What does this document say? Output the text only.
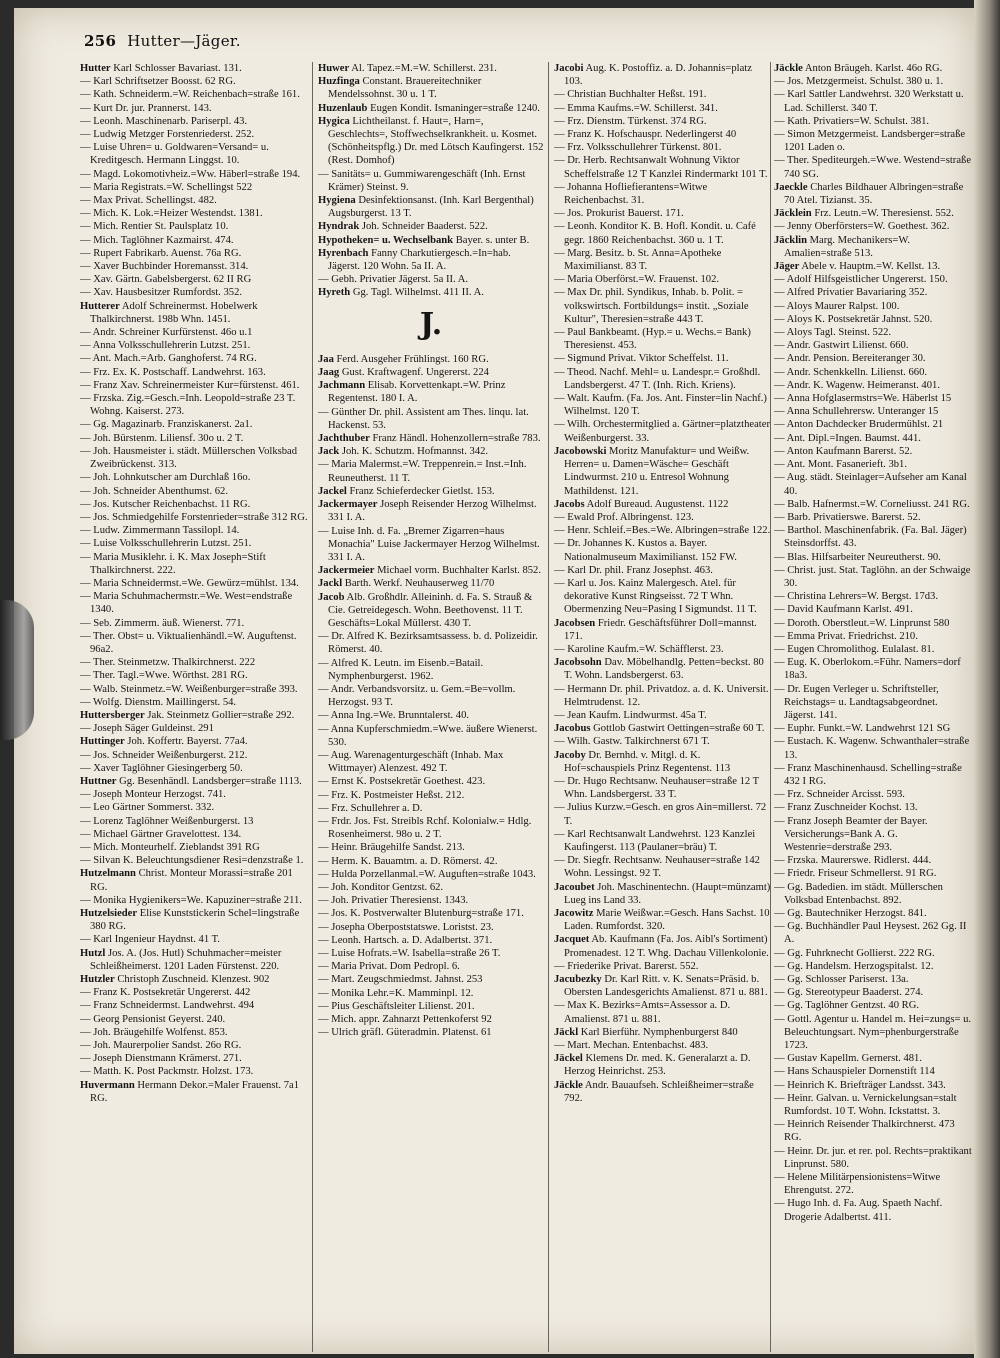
256 Hutter—Jäger.

Hutter Karl Schlosser Bavariast. 131.

— Karl Schriftsetzer Boosst. 62 RG.

— Kath. Schneiderm.=W. Reichenbach=straße 161.

— Kurt Dr. jur. Prannerst. 143.

— Leonh. Maschinenarb. Pariserpl. 43.

— Ludwig Metzger Forstenriederst. 252.

— Luise Uhren= u. Goldwaren=Versand= u. Kreditgesch. Hermann Linggst. 10.

— Magd. Lokomotivheiz.=Ww. Häberl=straße 194.

— Maria Registrats.=W. Schellingst 522

— Max Privat. Schellingst. 482.

— Mich. K. Lok.=Heizer Westendst. 1381.

— Mich. Rentier St. Paulsplatz 10.

— Mich. Taglöhner Kazmairst. 474.

— Rupert Fabrikarb. Auenst. 76a RG.

— Xaver Buchbinder Horemansst. 314.

— Xav. Gärtn. Gabelsbergerst. 62 II RG

— Xav. Hausbesitzer Rumfordst. 352.

Hutterer Adolf Schreinermst. Hobelwerk Thalkirchnerst. 198b Whn. 1451.

— Andr. Schreiner Kurfürstenst. 46o u.1

— Anna Volksschullehrerin Lutzst. 251.

— Ant. Mach.=Arb. Ganghoferst. 74 RG.

— Frz. Ex. K. Postschaff. Landwehrst. 163.

— Franz Xav. Schreinermeister Kur=fürstenst. 461.

— Frzska. Zig.=Gesch.=Inh. Leopold=straße 23 T. Wohng. Kaiserst. 273.

— Gg. Magazinarb. Franziskanerst. 2a1.

— Joh. Bürstenm. Liliensf. 30o u. 2 T.

— Joh. Hausmeister i. städt. Müllerschen Volksbad Zweibrückenst. 313.

— Joh. Lohnkutscher am Durchlaß 16o.

— Joh. Schneider Abenthumst. 62.

— Jos. Kutscher Reichenbachst. 11 RG.

— Jos. Schmiedgehilfe Forstenrieder=straße 312 RG.

— Ludw. Zimmermann Tassilopl. 14.

— Luise Volksschullehrerin Lutzst. 251.

— Maria Musiklehr. i. K. Max Joseph=Stift Thalkirchnerst. 222.

— Maria Schneidermst.=We. Gewürz=mühlst. 134.

— Maria Schuhmachermstr.=We. West=endstraße 1340.

— Seb. Zimmerm. äuß. Wienerst. 771.

— Ther. Obst= u. Viktualienhändl.=W. Auguftenst. 96a2.

— Ther. Steinmetzw. Thalkirchnerst. 222

— Ther. Tagl.=Wwe. Wörthst. 281 RG.

— Walb. Steinmetz.=W. Weißenburger=straße 393.

— Wolfg. Dienstm. Maillingerst. 54.

Huttersberger Jak. Steinmetz Gollier=straße 292.

— Joseph Säger Guldeinst. 291

Huttinger Joh. Koffertr. Bayerst. 77a4.

— Jos. Schneider Weißenburgerst. 212.

— Xaver Taglöhner Giesingerberg 50.

Huttner Gg. Besenhändl. Landsberger=straße 1113.

— Joseph Monteur Herzogst. 741.

— Leo Gärtner Sommerst. 332.

— Lorenz Taglöhner Weißenburgerst. 13

— Michael Gärtner Gravelottest. 134.

— Mich. Monteurhelf. Zieblandst 391 RG

— Silvan K. Beleuchtungsdiener Resi=denzstraße 1.

Hutzelmann Christ. Monteur Morassi=straße 201 RG.

— Monika Hygienikers=We. Kapuziner=straße 211.

Hutzelsieder Elise Kunststickerin Schel=lingstraße 380 RG.

— Karl Ingenieur Haydnst. 41 T.

Hutzl Jos. A. (Jos. Hutl) Schuhmacher=meister Schleißheimerst. 1201 Laden Fürstenst. 220.

Hutzler Christoph Zuschneid. Klenzest. 902

— Franz K. Postsekretär Ungererst. 442

— Franz Schneidermst. Landwehrst. 494

— Georg Pensionist Geyerst. 240.

— Joh. Bräugehilfe Wolfenst. 853.

— Joh. Maurerpolier Sandst. 26o RG.

— Joseph Dienstmann Krämerst. 271.

— Matth. K. Post Packmstr. Holzst. 173.

Huvermann Hermann Dekor.=Maler Frauenst. 7a1 RG.

Huwer Al. Tapez.=M.=W. Schillerst. 231.

Huzfinga Constant. Brauereitechniker Mendelssohnst. 30 u. 1 T.

Huzenlaub Eugen Kondit. Ismaninger=straße 1240.

Hygica Lichtheilanst. f. Haut=, Harn=, Geschlechts=, Stoffwechselkrankheit. u. Kosmet. (Schönheitspflg.) Dr. med Lötsch Kaufingerst. 152 (Rest. Domhof)

— Sanitäts= u. Gummiwarengeschäft (Inh. Ernst Krämer) Steinst. 9.

Hygiena Desinfektionsanst. (Inh. Karl Bergenthal) Augsburgerst. 13 T.

Hyndrak Joh. Schneider Baaderst. 522.

Hypotheken= u. Wechselbank Bayer. s. unter B.

Hyrenbach Fanny Charkutiergesch.=In=hab. Jägerst. 120 Wohn. 5a II. A.

— Gebh. Privatier Jägerst. 5a II. A.

Hyreth Gg. Tagl. Wilhelmst. 411 II. A.

J.

Jaa Ferd. Ausgeher Frühlingst. 160 RG.

Jaag Gust. Kraftwagenf. Ungererst. 224

Jachmann Elisab. Korvettenkapt.=W. Prinz Regentenst. 180 I. A.

— Günther Dr. phil. Assistent am Thes. linqu. lat. Hackenst. 53.

Jachthuber Franz Händl. Hohenzollern=straße 783.

Jack Joh. K. Schutzm. Hofmannst. 342.

— Maria Malermst.=W. Treppenrein.= Inst.=Inh. Reuneutherst. 11 T.

Jackel Franz Schieferdecker Gietlst. 153.

Jackermayer Joseph Reisender Herzog Wilhelmst. 331 I. A.

— Luise Inh. d. Fa. „Bremer Zigarren=haus Monachia" Luise Jackermayer Herzog Wilhelmst. 331 I. A.

Jackermeier Michael vorm. Buchhalter Karlst. 852.

Jackl Barth. Werkf. Neuhauserweg 11/70

Jacob Alb. Großhdlr. Alleininh. d. Fa. S. Strauß & Cie. Getreidegesch. Wohn. Beethovenst. 11 T. Geschäfts=Lokal Müllerst. 430 T.

— Dr. Alfred K. Bezirksamtsassess. b. d. Polizeidir. Römerst. 40.

— Alfred K. Leutn. im Eisenb.=Batail. Nymphenburgerst. 1962.

— Andr. Verbandsvorsitz. u. Gem.=Be=vollm. Herzogst. 93 T.

— Anna Ing.=We. Brunntalerst. 40.

— Anna Kupferschmiedm.=Wwe. äußere Wienerst. 530.

— Aug. Warenagenturgeschäft (Inhab. Max Wittmayer) Alenzest. 492 T.

— Ernst K. Postsekretär Goethest. 423.

— Frz. K. Postmeister Heßst. 212.

— Frz. Schullehrer a. D.

— Frdr. Jos. Fst. Streibls Rchf. Kolonialw.= Hdlg. Rosenheimerst. 98o u. 2 T.

— Heinr. Bräugehilfe Sandst. 213.

— Herm. K. Bauamtm. a. D. Römerst. 42.

— Hulda Porzellanmal.=W. Auguften=straße 1043.

— Joh. Konditor Gentzst. 62.

— Joh. Privatier Theresienst. 1343.

— Jos. K. Postverwalter Blutenburg=straße 171.

— Josepha Oberpoststatswe. Loristst. 23.

— Leonh. Hartsch. a. D. Adalbertst. 371.

— Luise Hofrats.=W. Isabella=straße 26 T.

— Maria Privat. Dom Pedropl. 6.

— Mart. Zeugschmiedmst. Jahnst. 253

— Monika Lehr.=K. Mamminpl. 12.

— Pius Geschäftsleiter Lilienst. 201.

— Mich. appr. Zahnarzt Pettenkoferst 92

— Ulrich gräfl. Güteradmin. Platenst. 61

Jacobi Aug. K. Postoffiz. a. D. Johannis=platz 103.

— Christian Buchhalter Heßst. 191.

— Emma Kaufms.=W. Schillerst. 341.

— Frz. Dienstm. Türkenst. 374 RG.

— Franz K. Hofschauspr. Nederlingerst 40

— Frz. Volksschullehrer Türkenst. 801.

— Dr. Herb. Rechtsanwalt Wohnung Viktor Scheffelstraße 12 T Kanzlei Rindermarkt 101 T.

— Johanna Hofliefierantens=Witwe Reichenbachst. 31.

— Jos. Prokurist Bauerst. 171.

— Leonh. Konditor K. B. Hofl. Kondit. u. Café gegr. 1860 Reichenbachst. 360 u. 1 T.

— Marg. Besitz. b. St. Anna=Apotheke Maximilianst. 83 T.

— Maria Oberförst.=W. Frauenst. 102.

— Max Dr. phil. Syndikus, Inhab. b. Polit. = volkswirtsch. Fortbildungs= instit. „Soziale Kultur", Theresien=straße 443 T.

— Paul Bankbeamt. (Hyp.= u. Wechs.= Bank) Theresienst. 453.

— Sigmund Privat. Viktor Scheffelst. 11.

— Theod. Nachf. Mehl= u. Landespr.= Großhdl. Landsbergerst. 47 T. (Inh. Rich. Kriens).

— Walt. Kaufm. (Fa. Jos. Ant. Finster=lin Nachf.) Wilhelmst. 120 T.

— Wilh. Orchestermitglied a. Gärtner=platztheater Weißenburgerst. 33.

Jacobowski Moritz Manufaktur= und Weißw. Herren= u. Damen=Wäsche= Geschäft Lindwurmst. 210 u. Entresol Wohnung Mathildenst. 121.

Jacobs Adolf Bureaud. Augustenst. 1122

— Ewald Prof. Albringenst. 123.

— Henr. Schleif.=Bes.=We. Albringen=straße 122.

— Dr. Johannes K. Kustos a. Bayer. Nationalmuseum Maximilianst. 152 FW.

— Karl Dr. phil. Franz Josephst. 463.

— Karl u. Jos. Kainz Malergesch. Atel. für dekorative Kunst Ringseisst. 72 T Whn. Obermenzing Neu=Pasing I Sigmundst. 11 T.

Jacobsen Friedr. Geschäftsführer Doll=mannst. 171.

— Karoline Kaufm.=W. Schäfflerst. 23.

Jacobsohn Dav. Möbelhandlg. Petten=beckst. 80 T. Wohn. Landsbergerst. 63.

— Hermann Dr. phil. Privatdoz. a. d. K. Universit. Helmtrudenst. 12.

— Jean Kaufm. Lindwurmst. 45a T.

Jacobus Gottlob Gastwirt Oettingen=straße 60 T.

— Wilh. Gastw. Talkirchnerst 671 T.

Jacoby Dr. Bernhd. v. Mitgl. d. K. Hof=schauspiels Prinz Regentenst. 113

— Dr. Hugo Rechtsanw. Neuhauser=straße 12 T Whn. Landsbergerst. 33 T.

— Julius Kurzw.=Gesch. en gros Ain=millerst. 72 T.

— Karl Rechtsanwalt Landwehrst. 123 Kanzlei Kaufingerst. 113 (Paulaner=bräu) T.

— Dr. Siegfr. Rechtsanw. Neuhauser=straße 142 Wohn. Lessingst. 92 T.

Jacoubet Joh. Maschinentechn. (Haupt=münzamt) Lueg ins Land 33.

Jacowitz Marie Weißwar.=Gesch. Hans Sachst. 10 Laden. Rumfordst. 320.

Jacquet Ab. Kaufmann (Fa. Jos. Aibl's Sortiment) Promenadest. 12 T. Whg. Dachau Villenkolonie.

— Friederike Privat. Barerst. 552.

Jacubezky Dr. Karl Ritt. v. K. Senats=Präsid. b. Obersten Landesgerichts Amalienst. 871 u. 881.

— Max K. Bezirks=Amts=Assessor a. D. Amalienst. 871 u. 881.

Jäckl Karl Bierführ. Nymphenburgerst 840

— Mart. Mechan. Entenbachst. 483.

Jäckel Klemens Dr. med. K. Generalarzt a. D. Herzog Heinrichst. 253.

Jäckle Andr. Bauaufseh. Schleißheimer=straße 792.

Jäckle Anton Bräugeh. Karlst. 46o RG.

— Jos. Metzgermeist. Schulst. 380 u. 1.

— Karl Sattler Landwehrst. 320 Werkstatt u. Lad. Schillerst. 340 T.

— Kath. Privatiers=W. Schulst. 381.

— Simon Metzgermeist. Landsberger=straße 1201 Laden o.

— Ther. Spediteurgeh.=Wwe. Westend=straße 740 SG.

Jaeckle Charles Bildhauer Albringen=straße 70 Atel. Tizianst. 35.

Jäcklein Frz. Leutn.=W. Theresienst. 552.

— Jenny Oberförsters=W. Goethest. 362.

Jäcklin Marg. Mechanikers=W. Amalien=straße 513.

Jäger Abele v. Hauptm.=W. Kellst. 13.

— Adolf Hilfsgeistlicher Ungererst. 150.

— Alfred Privatier Bavariaring 352.

— Aloys Maurer Ralpst. 100.

— Aloys K. Postsekretär Jahnst. 520.

— Aloys Tagl. Steinst. 522.

— Andr. Gastwirt Lilienst. 660.

— Andr. Pension. Bereiteranger 30.

— Andr. Schenkkelln. Lilienst. 660.

— Andr. K. Wagenw. Heimeranst. 401.

— Anna Hofglasermstrs=We. Häberlst 15

— Anna Schullehrersw. Unteranger 15

— Anton Dachdecker Brudermühlst. 21

— Ant. Dipl.=Ingen. Baumst. 441.

— Anton Kaufmann Barerst. 52.

— Ant. Mont. Fasanerieft. 3b1.

— Aug. städt. Steinlager=Aufseher am Kanal 40.

— Balb. Hafnermst.=W. Corneliusst. 241 RG.

— Barb. Privatierswe. Barerst. 52.

— Barthol. Maschinenfabrik. (Fa. Bal. Jäger) Steinsdorffst. 43.

— Blas. Hilfsarbeiter Neureutherst. 90.

— Christ. just. Stat. Taglöhn. an der Schwaige 30.

— Christina Lehrers=W. Bergst. 17d3.

— David Kaufmann Karlst. 491.

— Doroth. Oberstleut.=W. Linprunst 580

— Emma Privat. Friedrichst. 210.

— Eugen Chromolithog. Eulalast. 81.

— Eug. K. Oberlokom.=Führ. Namers=dorf 18a3.

— Dr. Eugen Verleger u. Schriftsteller, Reichstags= u. Landtagsabgeordnet. Jägerst. 141.

— Euphr. Funkt.=W. Landwehrst 121 SG

— Eustach. K. Wagenw. Schwanthaler=straße 13.

— Franz Maschinenhausd. Schelling=straße 432 I RG.

— Frz. Schneider Arcisst. 593.

— Franz Zuschneider Kochst. 13.

— Franz Joseph Beamter der Bayer. Versicherungs=Bank A. G. Westenrie=derstraße 293.

— Frzska. Maurerswe. Ridlerst. 444.

— Friedr. Friseur Schmellerst. 91 RG.

— Gg. Badedien. im städt. Müllerschen Volksbad Entenbachst. 892.

— Gg. Bautechniker Herzogst. 841.

— Gg. Buchhändler Paul Heysest. 262 Gg. II A.

— Gg. Fuhrknecht Gollierst. 222 RG.

— Gg. Handelsm. Herzogspitalst. 12.

— Gg. Schlosser Pariserst. 13a.

— Gg. Stereotypeur Baaderst. 274.

— Gg. Taglöhner Gentzst. 40 RG.

— Gottl. Agentur u. Handel m. Hei=zungs= u. Beleuchtungsart. Nym=phenburgerstraße 1723.

— Gustav Kapellm. Gernerst. 481.

— Hans Schauspieler Dornenstift 114

— Heinrich K. Briefträger Landsst. 343.

— Heinr. Galvan. u. Vernickelungsan=stalt Rumfordst. 10 T. Wohn. Ickstattst. 3.

— Heinrich Reisender Thalkirchnerst. 473 RG.

— Heinr. Dr. jur. et rer. pol. Rechts=praktikant Linprunst. 580.

— Helene Militärpensionistens=Witwe Ehrengutst. 272.

— Hugo Inh. d. Fa. Aug. Spaeth Nachf. Drogerie Adalbertst. 411.
